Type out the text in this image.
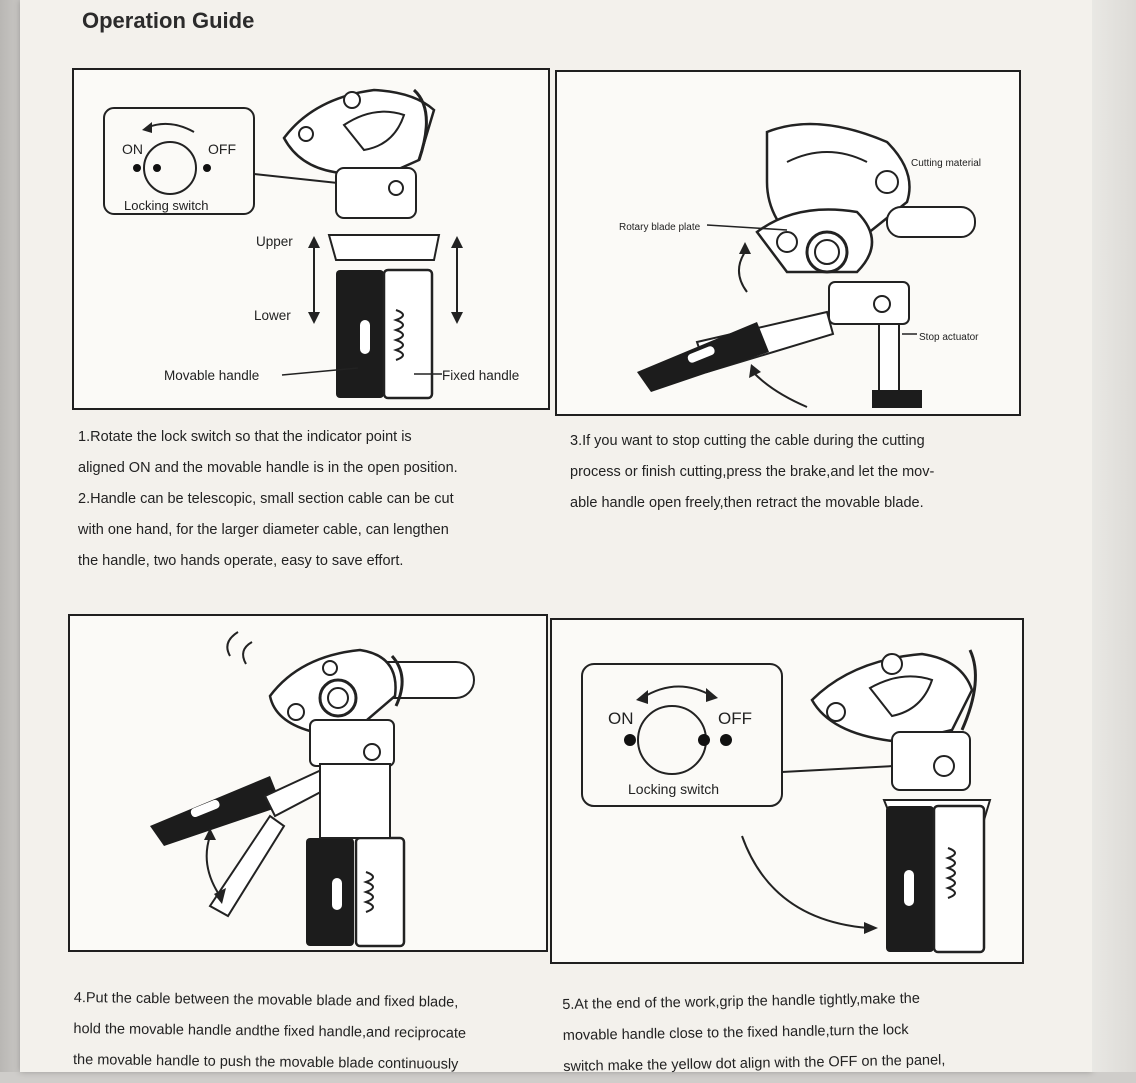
Operation Guide
ON	OFF
Locking switch
Upper
Lower
Movable handle	Fixed handle
Rotary blade plate
Cutting material
Stop actuator

1.Rotate the lock switch so that the indicator point is

aligned ON and the movable handle is in the open position.

2.Handle can be telescopic, small section cable can be cut

with one hand, for the larger diameter cable, can lengthen

the handle, two hands operate, easy to save effort.

3.If you want to stop cutting the cable during the cutting

process or finish cutting,press the brake,and let the mov-

able handle open freely,then retract the movable blade.

ON	OFF
Locking switch

4.Put the cable between the movable blade and fixed blade,

hold the movable handle andthe fixed handle,and reciprocate

the movable handle to push the movable blade continuously

5.At the end of the work,grip the handle tightly,make the

movable handle close to the fixed handle,turn the lock

switch make the yellow dot align with the OFF on the panel,
